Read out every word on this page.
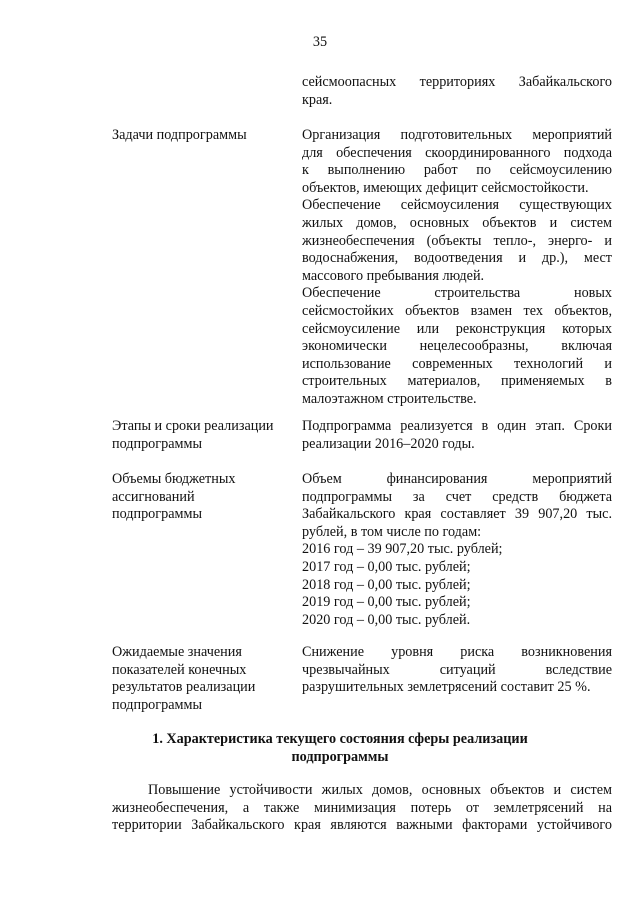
35
сейсмоопасных территориях Забайкальского
края.
Задачи подпрограммы	Организация подготовительных мероприятий
для обеспечения скоординированного подхода
к выполнению работ по сейсмоусилению
объектов, имеющих дефицит сейсмостойкости.
Обеспечение сейсмоусиления существующих
жилых домов, основных объектов и систем
жизнеобеспечения (объекты тепло-, энерго- и
водоснабжения, водоотведения и др.), мест
массового пребывания людей.
Обеспечение строительства новых
сейсмостойких объектов взамен тех объектов,
сейсмоусиление или реконструкция которых
экономически нецелесообразны, включая
использование современных технологий и
строительных материалов, применяемых в
малоэтажном строительстве.
Этапы и сроки реализации
подпрограммы
Подпрограмма реализуется в один этап. Сроки
реализации 2016–2020 годы.
Объемы бюджетных
ассигнований
подпрограммы
Объем финансирования мероприятий
подпрограммы за счет средств бюджета
Забайкальского края составляет 39 907,20 тыс.
рублей, в том числе по годам:
2016 год – 39 907,20 тыс. рублей;
2017 год – 0,00 тыс. рублей;
2018 год – 0,00 тыс. рублей;
2019 год – 0,00 тыс. рублей;
2020 год – 0,00 тыс. рублей.
Ожидаемые значения
показателей конечных
результатов реализации
подпрограммы
Снижение уровня риска возникновения
чрезвычайных ситуаций вследствие
разрушительных землетрясений составит 25 %.
1. Характеристика текущего состояния сферы реализации
подпрограммы
Повышение устойчивости жилых домов, основных объектов и систем
жизнеобеспечения, а также минимизация потерь от землетрясений на
территории Забайкальского края являются важными факторами устойчивого
